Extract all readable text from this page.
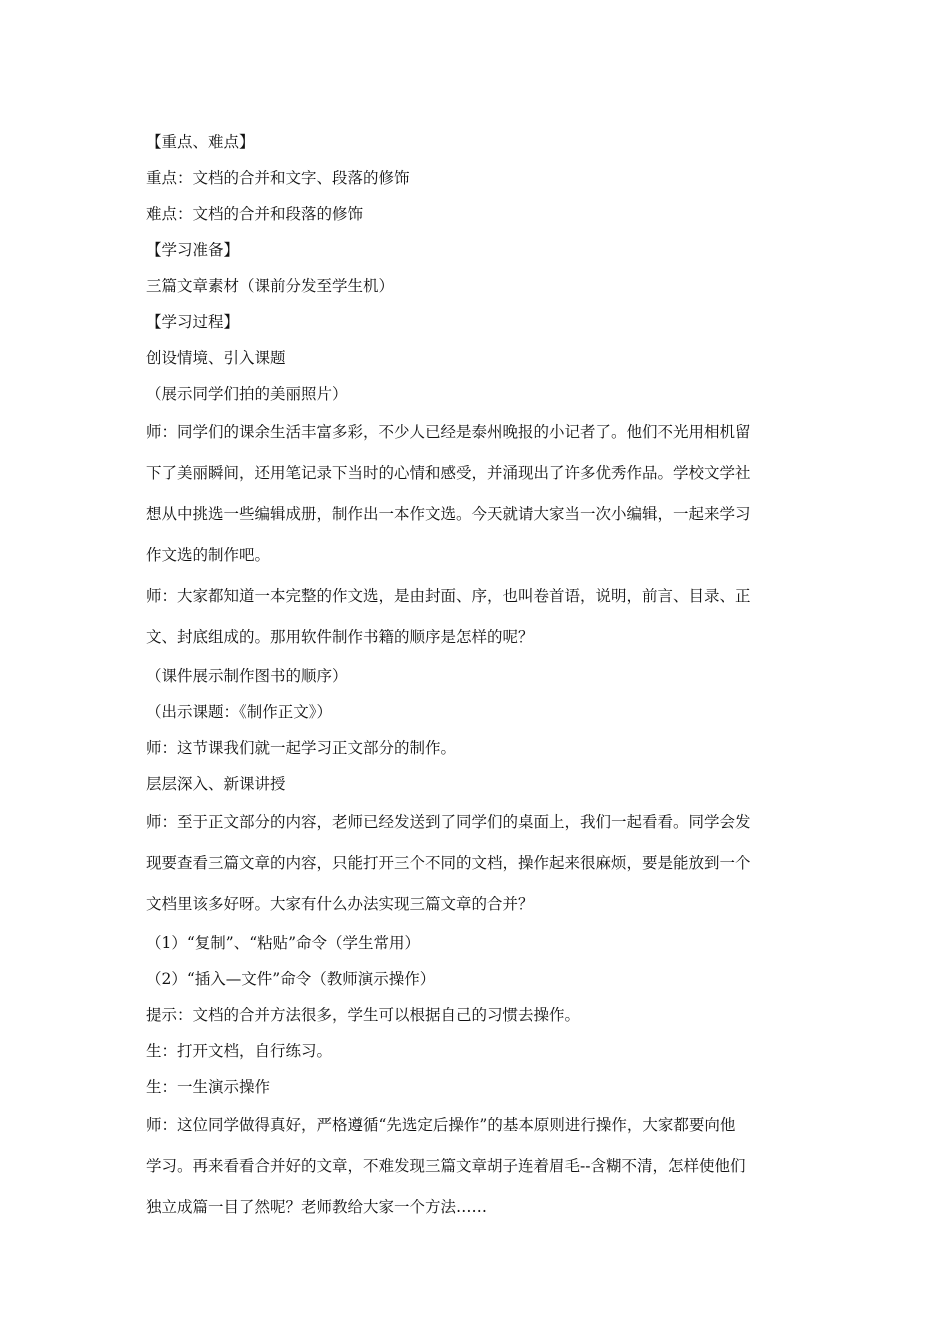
【重点、难点】
重点：文档的合并和文字、段落的修饰
难点：文档的合并和段落的修饰
【学习准备】
三篇文章素材（课前分发至学生机）
【学习过程】
创设情境、引入课题
（展示同学们拍的美丽照片）
师：同学们的课余生活丰富多彩，不少人已经是泰州晚报的小记者了。他们不光用相机留
下了美丽瞬间，还用笔记录下当时的心情和感受，并涌现出了许多优秀作品。学校文学社
想从中挑选一些编辑成册，制作出一本作文选。今天就请大家当一次小编辑，一起来学习
作文选的制作吧。
师：大家都知道一本完整的作文选，是由封面、序，也叫卷首语，说明，前言、目录、正
文、封底组成的。那用软件制作书籍的顺序是怎样的呢？
（课件展示制作图书的顺序）
（出示课题：《制作正文》）
师：这节课我们就一起学习正文部分的制作。
层层深入、新课讲授
师：至于正文部分的内容，老师已经发送到了同学们的桌面上，我们一起看看。同学会发
现要查看三篇文章的内容，只能打开三个不同的文档，操作起来很麻烦，要是能放到一个
文档里该多好呀。大家有什么办法实现三篇文章的合并？
（1）“复制”、“粘贴”命令（学生常用）
（2）“插入—文件”命令（教师演示操作）
提示：文档的合并方法很多，学生可以根据自己的习惯去操作。
生：打开文档，自行练习。
生：一生演示操作
师：这位同学做得真好，严格遵循“先选定后操作”的基本原则进行操作，大家都要向他
学习。再来看看合并好的文章，不难发现三篇文章胡子连着眉毛--含糊不清，怎样使他们
独立成篇一目了然呢？老师教给大家一个方法……
